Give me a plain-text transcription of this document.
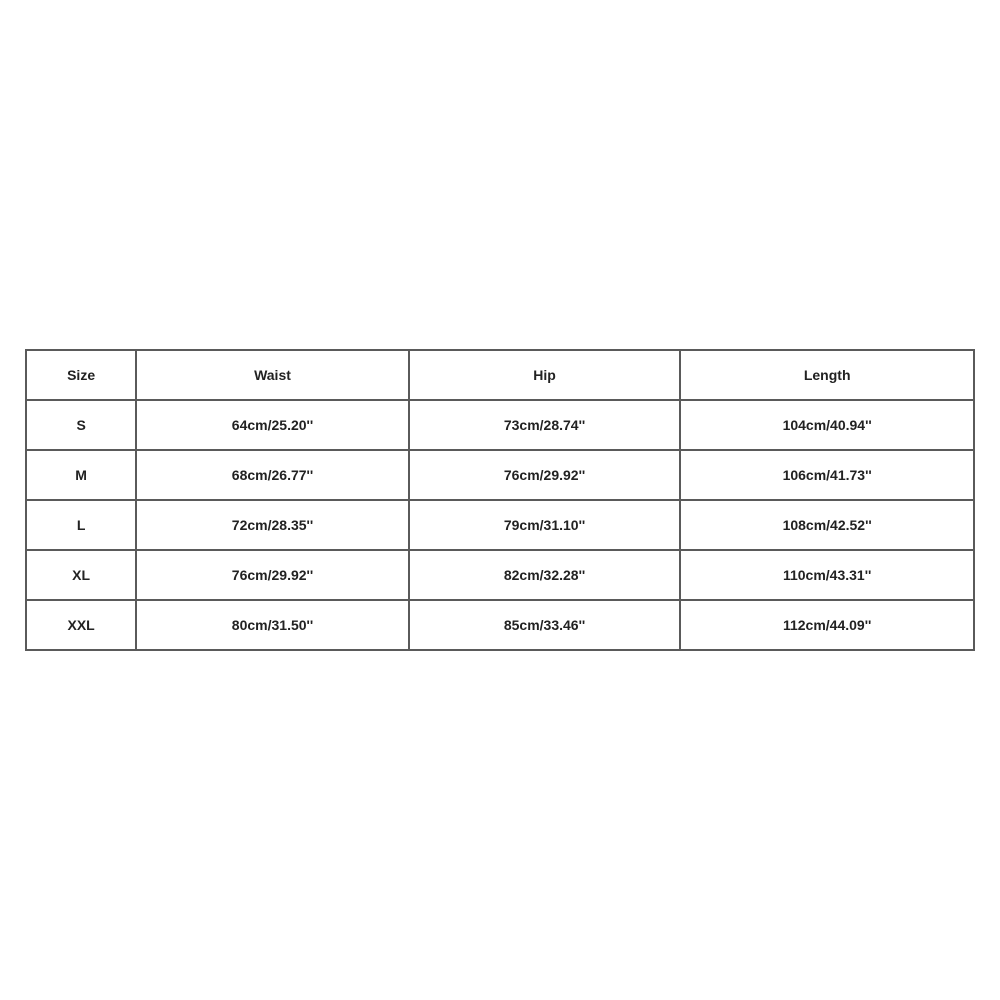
Size	Waist	Hip	Length
S	64cm/25.20''	73cm/28.74''	104cm/40.94''
M	68cm/26.77''	76cm/29.92''	106cm/41.73''
L	72cm/28.35''	79cm/31.10''	108cm/42.52''
XL	76cm/29.92''	82cm/32.28''	110cm/43.31''
XXL	80cm/31.50''	85cm/33.46''	112cm/44.09''
